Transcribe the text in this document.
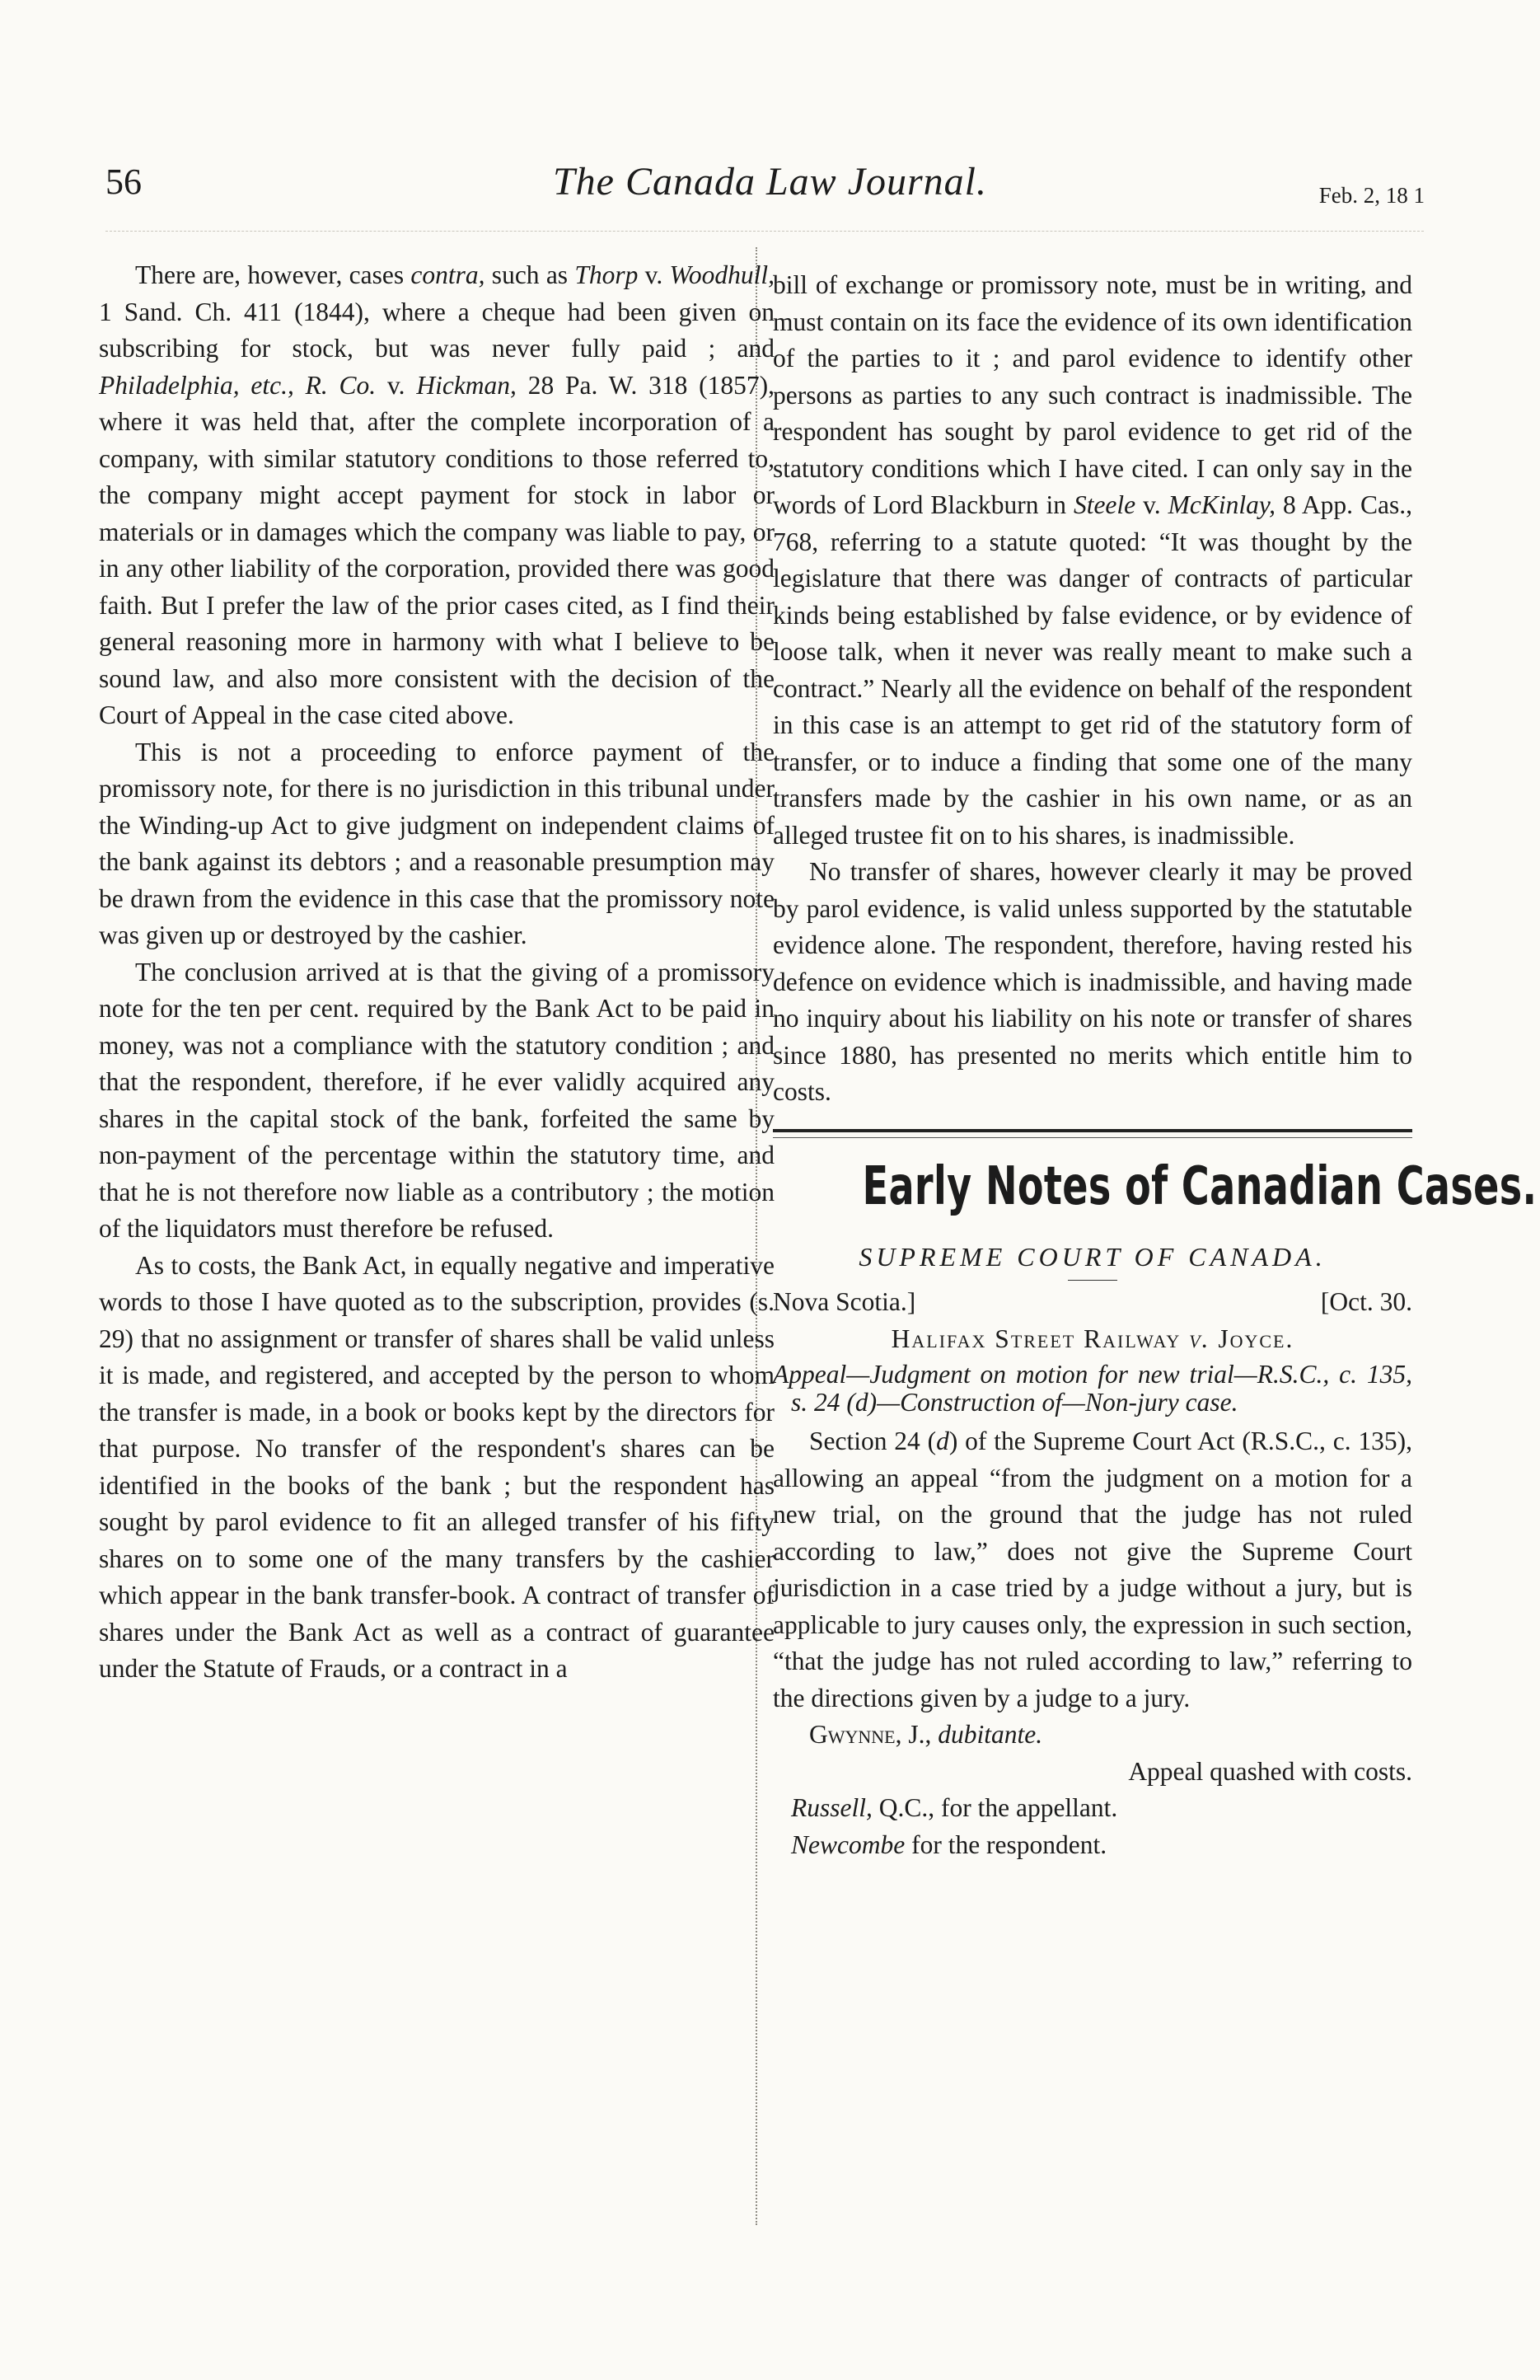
56	The Canada Law Journal.	Feb. 2, 18 1

There are, however, cases contra, such as Thorp v. Woodhull, 1 Sand. Ch. 411 (1844), where a cheque had been given on subscribing for stock, but was never fully paid ; and Philadelphia, etc., R. Co. v. Hickman, 28 Pa. W. 318 (1857), where it was held that, after the complete incorporation of a company, with similar statutory conditions to those referred to, the company might accept payment for stock in labor or materials or in damages which the company was liable to pay, or in any other liability of the corporation, provided there was good faith. But I prefer the law of the prior cases cited, as I find their general reasoning more in harmony with what I believe to be sound law, and also more consistent with the decision of the Court of Appeal in the case cited above.

This is not a proceeding to enforce payment of the promissory note, for there is no jurisdiction in this tribunal under the Winding-up Act to give judgment on independent claims of the bank against its debtors ; and a reasonable presumption may be drawn from the evidence in this case that the promissory note was given up or destroyed by the cashier.

The conclusion arrived at is that the giving of a promissory note for the ten per cent. required by the Bank Act to be paid in money, was not a compliance with the statutory condition ; and that the respondent, therefore, if he ever validly acquired any shares in the capital stock of the bank, forfeited the same by non-payment of the percentage within the statutory time, and that he is not therefore now liable as a contributory ; the motion of the liquidators must therefore be refused.

As to costs, the Bank Act, in equally negative and imperative words to those I have quoted as to the subscription, provides (s. 29) that no assignment or transfer of shares shall be valid unless it is made, and registered, and accepted by the person to whom the transfer is made, in a book or books kept by the directors for that purpose. No transfer of the respondent's shares can be identified in the books of the bank ; but the respondent has sought by parol evidence to fit an alleged transfer of his fifty shares on to some one of the many transfers by the cashier which appear in the bank transfer-book. A contract of transfer of shares under the Bank Act as well as a contract of guarantee under the Statute of Frauds, or a contract in a

bill of exchange or promissory note, must be in writing, and must contain on its face the evidence of its own identification of the parties to it ; and parol evidence to identify other persons as parties to any such contract is inadmissible. The respondent has sought by parol evidence to get rid of the statutory conditions which I have cited. I can only say in the words of Lord Blackburn in Steele v. McKinlay, 8 App. Cas., 768, referring to a statute quoted: “It was thought by the legislature that there was danger of contracts of particular kinds being established by false evidence, or by evidence of loose talk, when it never was really meant to make such a contract.” Nearly all the evidence on behalf of the respondent in this case is an attempt to get rid of the statutory form of transfer, or to induce a finding that some one of the many transfers made by the cashier in his own name, or as an alleged trustee fit on to his shares, is inadmissible.

No transfer of shares, however clearly it may be proved by parol evidence, is valid unless supported by the statutable evidence alone. The respondent, therefore, having rested his defence on evidence which is inadmissible, and having made no inquiry about his liability on his note or transfer of shares since 1880, has presented no merits which entitle him to costs.

Early Notes of Canadian Cases.
SUPREME COURT OF CANADA.
Nova Scotia.]	[Oct. 30.
Halifax Street Railway v. Joyce.

Appeal—Judgment on motion for new trial—R.S.C., c. 135, s. 24 (d)—Construction of—Non-jury case.

Section 24 (d) of the Supreme Court Act (R.S.C., c. 135), allowing an appeal “from the judgment on a motion for a new trial, on the ground that the judge has not ruled according to law,” does not give the Supreme Court jurisdiction in a case tried by a judge without a jury, but is applicable to jury causes only, the expression in such section, “that the judge has not ruled according to law,” referring to the directions given by a judge to a jury.

Gwynne, J., dubitante.

Appeal quashed with costs.

Russell, Q.C., for the appellant.

Newcombe for the respondent.
